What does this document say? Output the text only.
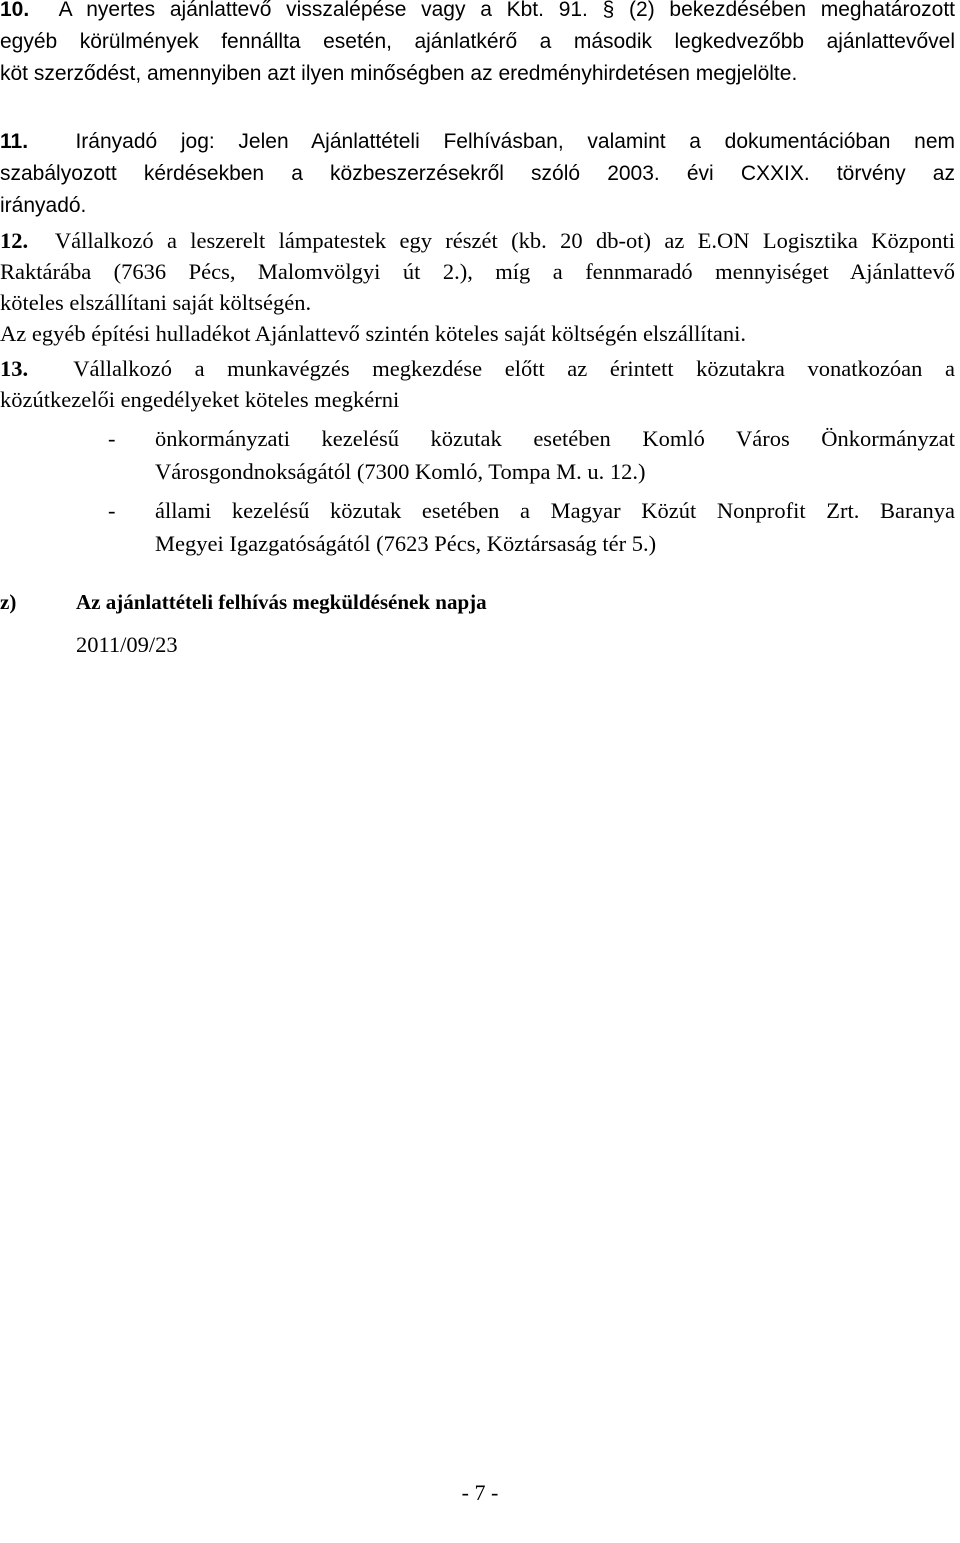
10. A nyertes ajánlattevő visszalépése vagy a Kbt. 91. § (2) bekezdésében meghatározott
egyéb körülmények fennállta esetén, ajánlatkérő a második legkedvezőbb ajánlattevővel
köt szerződést, amennyiben azt ilyen minőségben az eredményhirdetésen megjelölte.
11. Irányadó jog: Jelen Ajánlattételi Felhívásban, valamint a dokumentációban nem
szabályozott kérdésekben a közbeszerzésekről szóló 2003. évi CXXIX. törvény az
irányadó.
12. Vállalkozó a leszerelt lámpatestek egy részét (kb. 20 db-ot) az E.ON Logisztika Központi
Raktárába (7636 Pécs, Malomvölgyi út 2.), míg a fennmaradó mennyiséget Ajánlattevő
köteles elszállítani saját költségén.
Az egyéb építési hulladékot Ajánlattevő szintén köteles saját költségén elszállítani.
13. Vállalkozó a munkavégzés megkezdése előtt az érintett közutakra vonatkozóan a
közútkezelői engedélyeket köteles megkérni
- önkormányzati kezelésű közutak esetében Komló Város Önkormányzat
Városgondnokságától (7300 Komló, Tompa M. u. 12.)
- állami kezelésű közutak esetében a Magyar Közút Nonprofit Zrt. Baranya
Megyei Igazgatóságától (7623 Pécs, Köztársaság tér 5.)
z)	Az ajánlattételi felhívás megküldésének napja
2011/09/23
- 7 -
